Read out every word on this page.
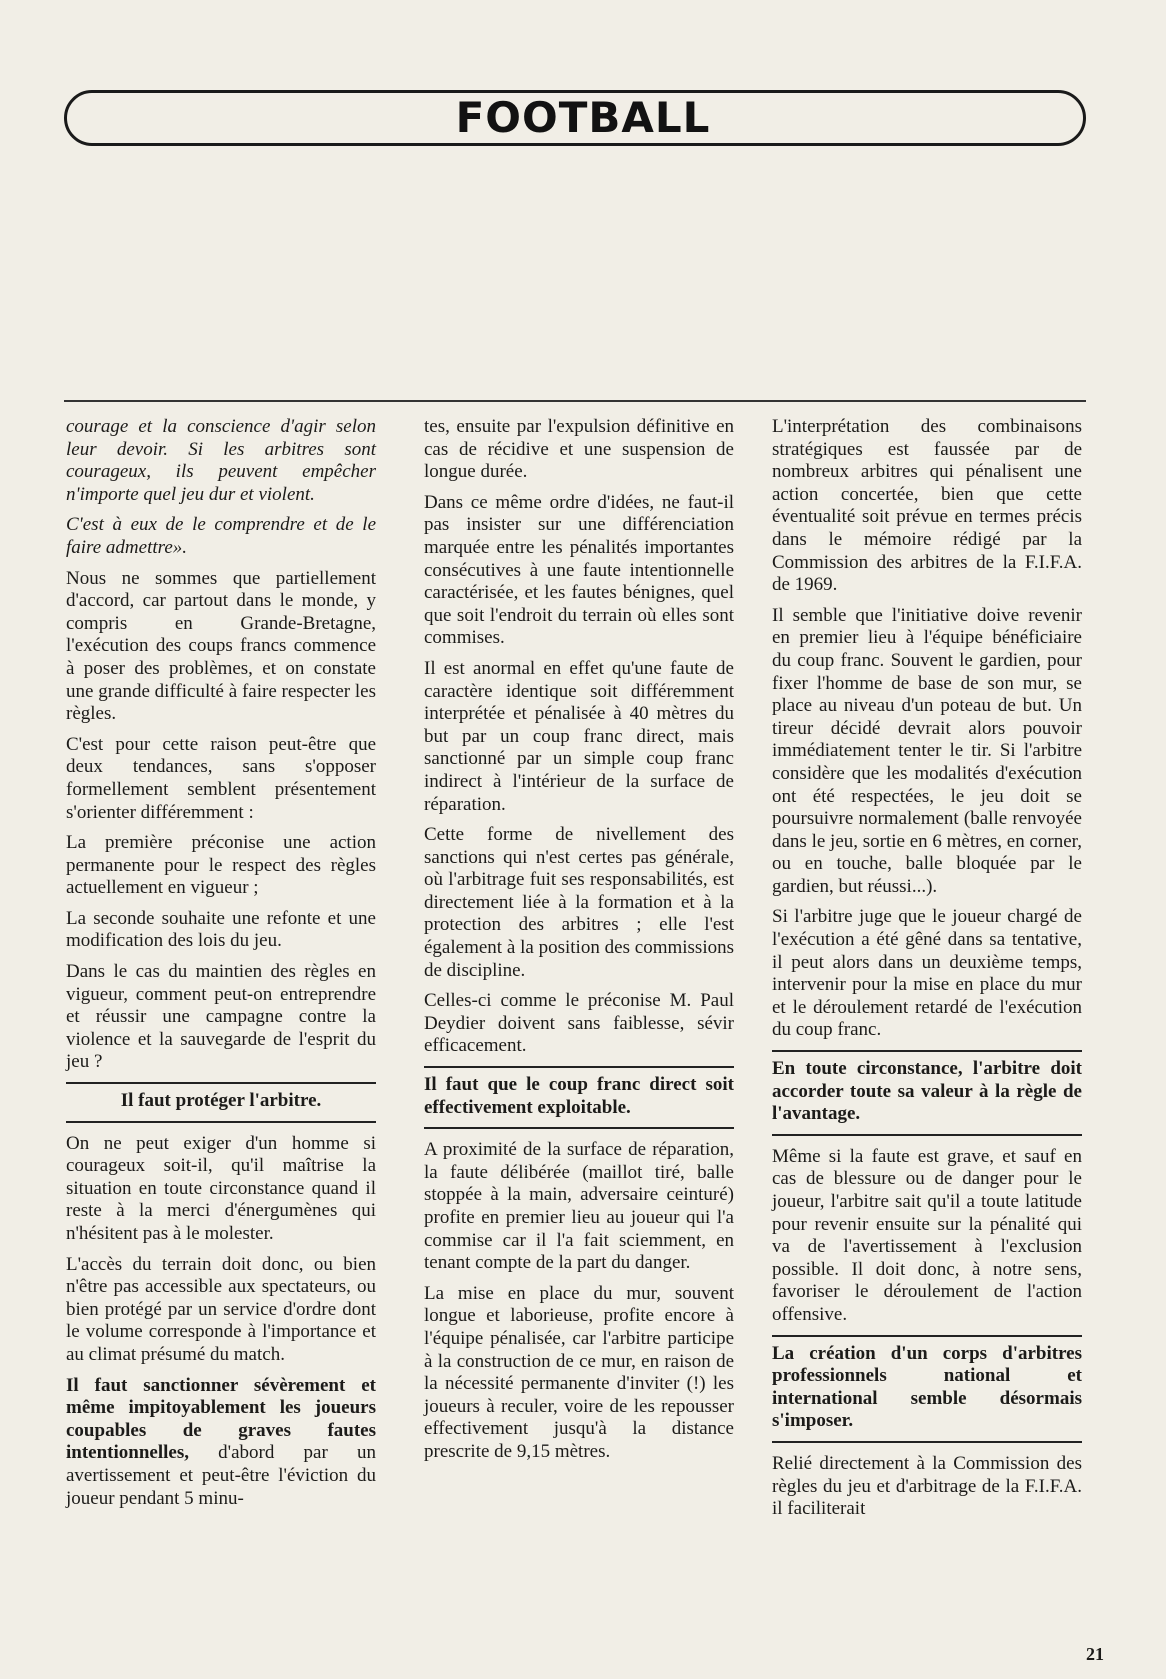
FOOTBALL

courage et la conscience d'agir selon leur devoir. Si les arbitres sont courageux, ils peuvent empêcher n'importe quel jeu dur et violent.

C'est à eux de le comprendre et de le faire admettre».

Nous ne sommes que partiellement d'accord, car partout dans le monde, y compris en Grande-Bretagne, l'exécution des coups francs commence à poser des problèmes, et on constate une grande difficulté à faire respecter les règles.

C'est pour cette raison peut-être que deux tendances, sans s'opposer formellement semblent présentement s'orienter différemment :

La première préconise une action permanente pour le respect des règles actuellement en vigueur ;

La seconde souhaite une refonte et une modification des lois du jeu.

Dans le cas du maintien des règles en vigueur, comment peut-on entreprendre et réussir une campagne contre la violence et la sauvegarde de l'esprit du jeu ?

Il faut protéger l'arbitre.

On ne peut exiger d'un homme si courageux soit-il, qu'il maîtrise la situation en toute circonstance quand il reste à la merci d'énergumènes qui n'hésitent pas à le molester.

L'accès du terrain doit donc, ou bien n'être pas accessible aux spectateurs, ou bien protégé par un service d'ordre dont le volume corresponde à l'importance et au climat présumé du match.

Il faut sanctionner sévèrement et même impitoyablement les joueurs coupables de graves fautes intentionnelles, d'abord par un avertissement et peut-être l'éviction du joueur pendant 5 minu-

tes, ensuite par l'expulsion définitive en cas de récidive et une suspension de longue durée.

Dans ce même ordre d'idées, ne faut-il pas insister sur une différenciation marquée entre les pénalités importantes consécutives à une faute intentionnelle caractérisée, et les fautes bénignes, quel que soit l'endroit du terrain où elles sont commises.

Il est anormal en effet qu'une faute de caractère identique soit différemment interprétée et pénalisée à 40 mètres du but par un coup franc direct, mais sanctionné par un simple coup franc indirect à l'intérieur de la surface de réparation.

Cette forme de nivellement des sanctions qui n'est certes pas générale, où l'arbitrage fuit ses responsabilités, est directement liée à la formation et à la protection des arbitres ; elle l'est également à la position des commissions de discipline.

Celles-ci comme le préconise M. Paul Deydier doivent sans faiblesse, sévir efficacement.

Il faut que le coup franc direct soit effectivement exploitable.

A proximité de la surface de réparation, la faute délibérée (maillot tiré, balle stoppée à la main, adversaire ceinturé) profite en premier lieu au joueur qui l'a commise car il l'a fait sciemment, en tenant compte de la part du danger.

La mise en place du mur, souvent longue et laborieuse, profite encore à l'équipe pénalisée, car l'arbitre participe à la construction de ce mur, en raison de la nécessité permanente d'inviter (!) les joueurs à reculer, voire de les repousser effectivement jusqu'à la distance prescrite de 9,15 mètres.

L'interprétation des combinaisons stratégiques est faussée par de nombreux arbitres qui pénalisent une action concertée, bien que cette éventualité soit prévue en termes précis dans le mémoire rédigé par la Commission des arbitres de la F.I.F.A. de 1969.

Il semble que l'initiative doive revenir en premier lieu à l'équipe bénéficiaire du coup franc. Souvent le gardien, pour fixer l'homme de base de son mur, se place au niveau d'un poteau de but. Un tireur décidé devrait alors pouvoir immédiatement tenter le tir. Si l'arbitre considère que les modalités d'exécution ont été respectées, le jeu doit se poursuivre normalement (balle renvoyée dans le jeu, sortie en 6 mètres, en corner, ou en touche, balle bloquée par le gardien, but réussi...).

Si l'arbitre juge que le joueur chargé de l'exécution a été gêné dans sa tentative, il peut alors dans un deuxième temps, intervenir pour la mise en place du mur et le déroulement retardé de l'exécution du coup franc.

En toute circonstance, l'arbitre doit accorder toute sa valeur à la règle de l'avantage.

Même si la faute est grave, et sauf en cas de blessure ou de danger pour le joueur, l'arbitre sait qu'il a toute latitude pour revenir ensuite sur la pénalité qui va de l'avertissement à l'exclusion possible. Il doit donc, à notre sens, favoriser le déroulement de l'action offensive.

La création d'un corps d'arbitres professionnels national et international semble désormais s'imposer.

Relié directement à la Commission des règles du jeu et d'arbitrage de la F.I.F.A. il faciliterait

21
